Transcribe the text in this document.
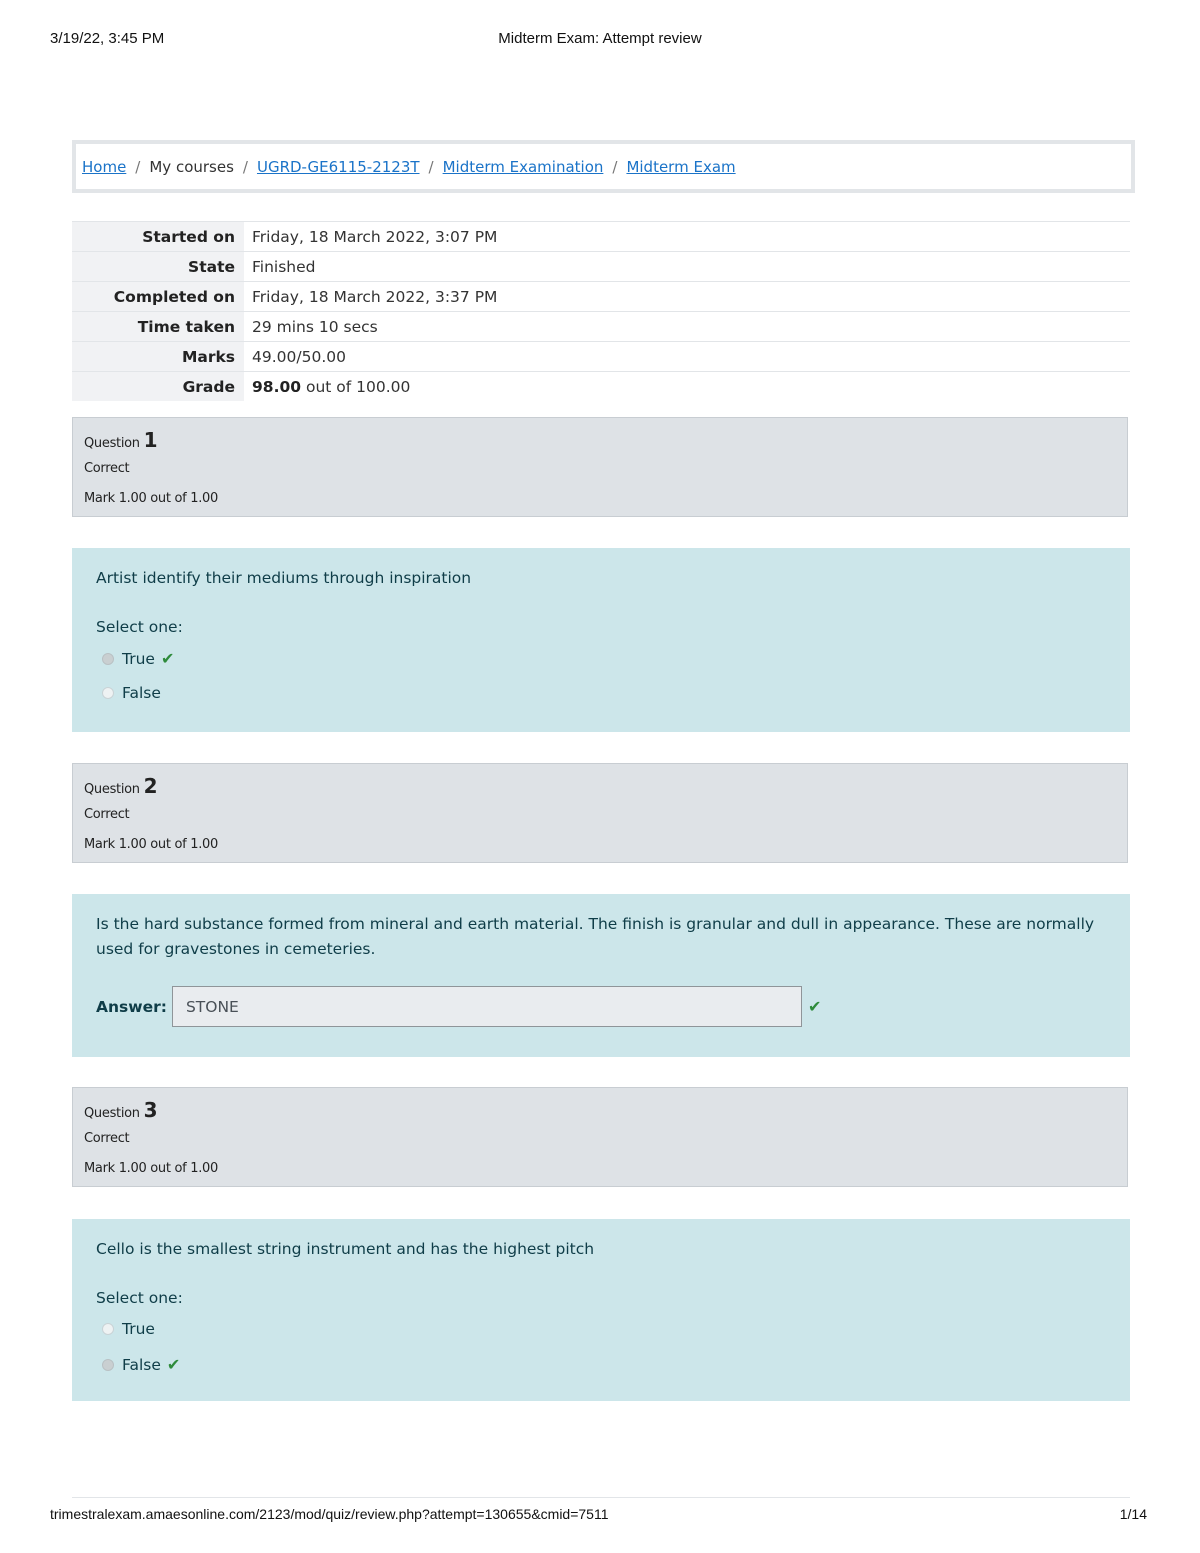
3/19/22, 3:45 PM	Midterm Exam: Attempt review
Home / My courses / UGRD-GE6115-2123T / Midterm Examination / Midterm Exam
Started on	Friday, 18 March 2022, 3:07 PM
State	Finished
Completed on	Friday, 18 March 2022, 3:37 PM
Time taken	29 mins 10 secs
Marks	49.00/50.00
Grade	98.00 out of 100.00
Question 1
Correct
Mark 1.00 out of 1.00
Artist identify their mediums through inspiration
Select one:
True ✔
False
Question 2
Correct
Mark 1.00 out of 1.00
Is the hard substance formed from mineral and earth material. The finish is granular and dull in appearance. These are normally used for gravestones in cemeteries.
Answer:	STONE	✔
Question 3
Correct
Mark 1.00 out of 1.00
Cello is the smallest string instrument and has the highest pitch
Select one:
True
False ✔
trimestralexam.amaesonline.com/2123/mod/quiz/review.php?attempt=130655&cmid=7511	1/14
